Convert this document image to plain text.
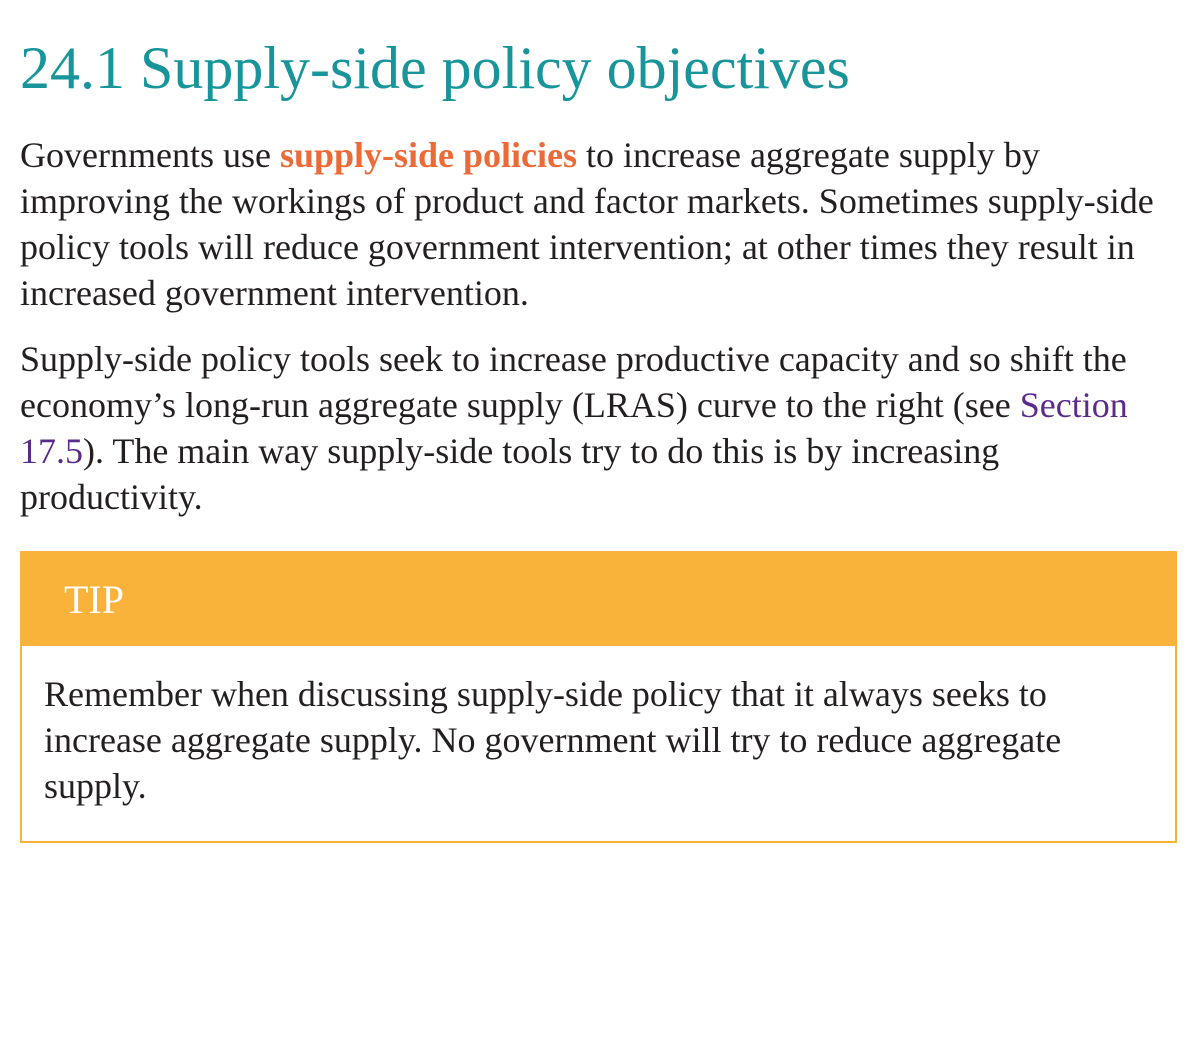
24.1 Supply-side policy objectives

Governments use supply-side policies to increase aggregate supply by improving the workings of product and factor markets. Sometimes supply-side policy tools will reduce government intervention; at other times they result in increased government intervention.

Supply-side policy tools seek to increase productive capacity and so shift the economy’s long-run aggregate supply (LRAS) curve to the right (see Section 17.5). The main way supply-side tools try to do this is by increasing productivity.

TIP

Remember when discussing supply-side policy that it always seeks to increase aggregate supply. No government will try to reduce aggregate supply.
